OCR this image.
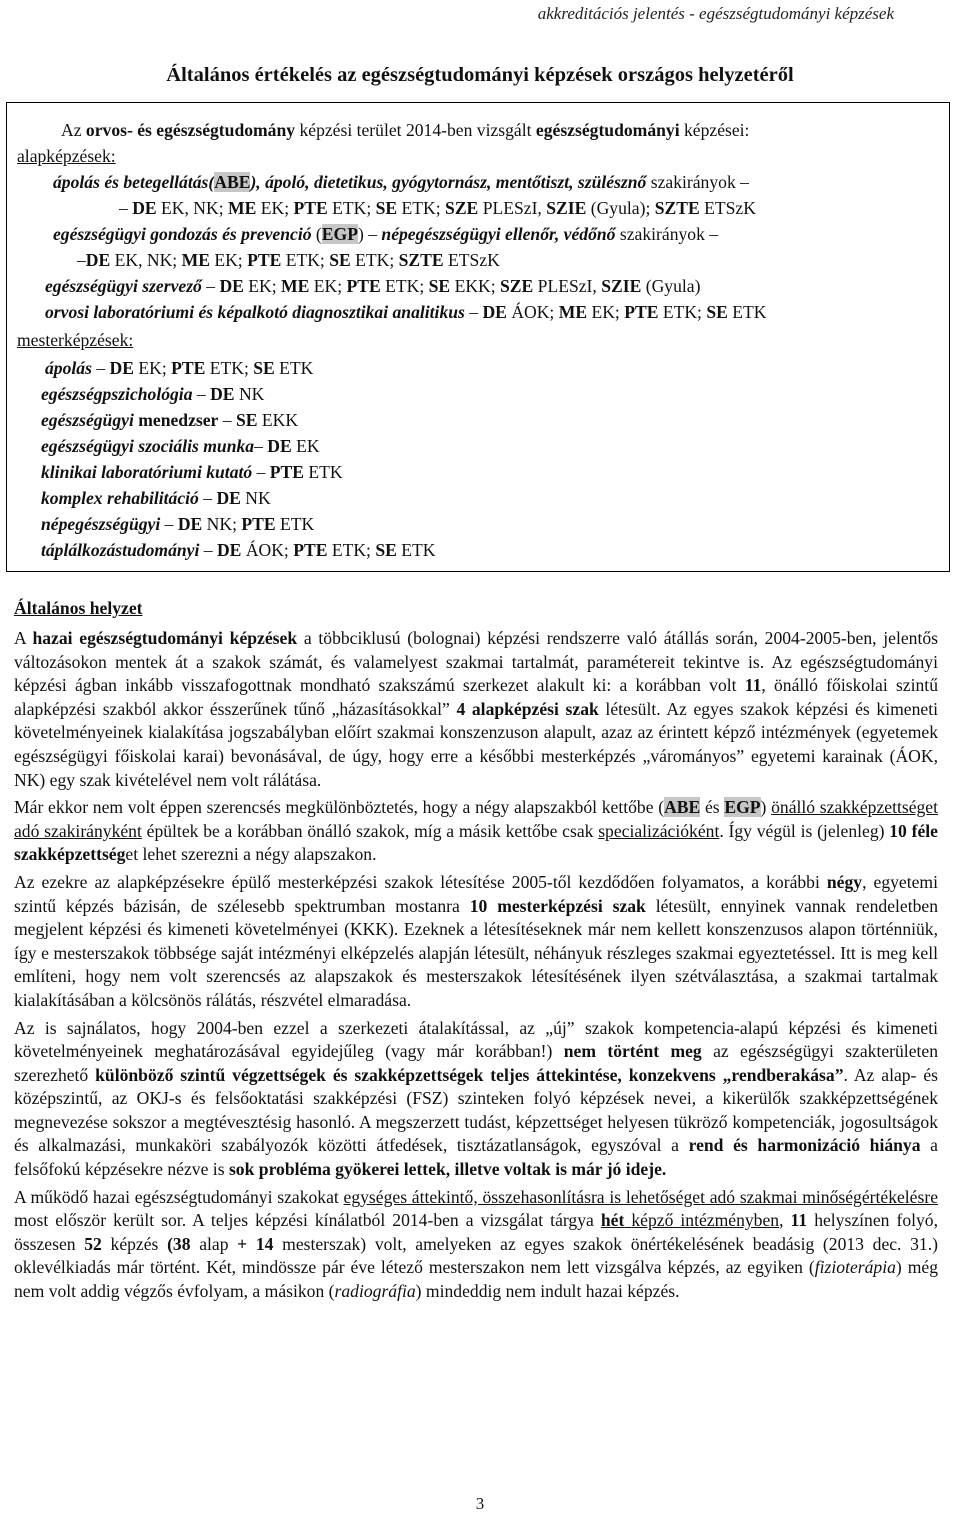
akkreditációs jelentés - egészségtudományi képzések
Általános értékelés az egészségtudományi képzések országos helyzetéről
Az orvos- és egészségtudomány képzési terület 2014-ben vizsgált egészségtudományi képzései:
alapképzések:
ápolás és betegellátás(ABE), ápoló, dietetikus, gyógytornász, mentőtiszt, szülésznő szakirányok –
– DE EK, NK; ME EK; PTE ETK; SE ETK; SZE PLESzI, SZIE (Gyula); SZTE ETSzK
egészségügyi gondozás és prevenció (EGP) – népegészségügyi ellenőr, védőnő szakirányok –
–DE EK, NK; ME EK; PTE ETK; SE ETK; SZTE ETSzK
egészségügyi szervező – DE EK; ME EK; PTE ETK; SE EKK; SZE PLESzI, SZIE (Gyula)
orvosi laboratóriumi és képalkotó diagnosztikai analitikus – DE ÁOK; ME EK; PTE ETK; SE ETK
mesterképzések:
ápolás – DE EK; PTE ETK; SE ETK
egészségpszichológia – DE NK
egészségügyi menedzser – SE EKK
egészségügyi szociális munka– DE EK
klinikai laboratóriumi kutató – PTE ETK
komplex rehabilitáció – DE NK
népegészségügyi – DE NK; PTE ETK
táplálkozástudományi – DE ÁOK; PTE ETK; SE ETK
Általános helyzet

A hazai egészségtudományi képzések a többciklusú (bolognai) képzési rendszerre való átállás során, 2004-2005-ben, jelentős változásokon mentek át a szakok számát, és valamelyest szakmai tartalmát, paramétereit tekintve is. Az egészségtudományi képzési ágban inkább visszafogottnak mondható szakszámú szerkezet alakult ki: a korábban volt 11, önálló főiskolai szintű alapképzési szakból akkor ésszerűnek tűnő „házasításokkal” 4 alapképzési szak létesült. Az egyes szakok képzési és kimeneti követelményeinek kialakítása jogszabályban előírt szakmai konszenzuson alapult, azaz az érintett képző intézmények (egyetemek egészségügyi főiskolai karai) bevonásával, de úgy, hogy erre a későbbi mesterképzés „várományos” egyetemi karainak (ÁOK, NK) egy szak kivételével nem volt rálátása.

Már ekkor nem volt éppen szerencsés megkülönböztetés, hogy a négy alapszakból kettőbe (ABE és EGP) önálló szakképzettséget adó szakirányként épültek be a korábban önálló szakok, míg a másik kettőbe csak specializációként. Így végül is (jelenleg) 10 féle szakképzettséget lehet szerezni a négy alapszakon.

Az ezekre az alapképzésekre épülő mesterképzési szakok létesítése 2005-től kezdődően folyamatos, a korábbi négy, egyetemi szintű képzés bázisán, de szélesebb spektrumban mostanra 10 mesterképzési szak létesült, ennyinek vannak rendeletben megjelent képzési és kimeneti követelményei (KKK). Ezeknek a létesítéseknek már nem kellett konszenzusos alapon történniük, így e mesterszakok többsége saját intézményi elképzelés alapján létesült, néhányuk részleges szakmai egyeztetéssel. Itt is meg kell említeni, hogy nem volt szerencsés az alapszakok és mesterszakok létesítésének ilyen szétválasztása, a szakmai tartalmak kialakításában a kölcsönös rálátás, részvétel elmaradása.

Az is sajnálatos, hogy 2004-ben ezzel a szerkezeti átalakítással, az „új” szakok kompetencia-alapú képzési és kimeneti követelményeinek meghatározásával egyidejűleg (vagy már korábban!) nem történt meg az egészségügyi szakterületen szerezhető különböző szintű végzettségek és szakképzettségek teljes áttekintése, konzekvens „rendberakása”. Az alap- és középszintű, az OKJ-s és felsőoktatási szakképzési (FSZ) szinteken folyó képzések nevei, a kikerülők szakképzettségének megnevezése sokszor a megtévesztésig hasonló. A megszerzett tudást, képzettséget helyesen tükröző kompetenciák, jogosultságok és alkalmazási, munkaköri szabályozók közötti átfedések, tisztázatlanságok, egyszóval a rend és harmonizáció hiánya a felsőfokú képzésekre nézve is sok probléma gyökerei lettek, illetve voltak is már jó ideje.

A működő hazai egészségtudományi szakokat egységes áttekintő, összehasonlításra is lehetőséget adó szakmai minőségértékelésre most először került sor. A teljes képzési kínálatból 2014-ben a vizsgálat tárgya hét képző intézményben, 11 helyszínen folyó, összesen 52 képzés (38 alap + 14 mesterszak) volt, amelyeken az egyes szakok önértékelésének beadásig (2013 dec. 31.) oklevélkiadás már történt. Két, mindössze pár éve létező mesterszakon nem lett vizsgálva képzés, az egyiken (fizioterápia) még nem volt addig végzős évfolyam, a másikon (radiográfia) mindeddig nem indult hazai képzés.

3
